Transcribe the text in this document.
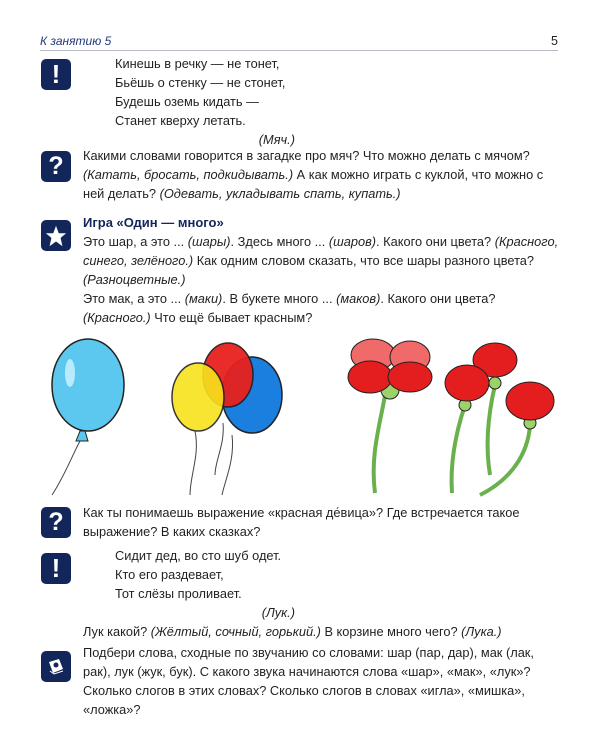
К занятию 5	5
!	Кинешь в речку — не тонет,
Бьёшь о стенку — не стонет,
Будешь оземь кидать —
Станет кверху летать.
(Мяч.)
?	Какими словами говорится в загадке про мяч? Что можно делать с мячом? (Катать, бросать, подкидывать.) А как можно играть с куклой, что можно с ней делать? (Одевать, укладывать спать, купать.)
Игра «Один — много»
Это шар, а это ... (шары). Здесь много ... (шаров). Какого они цвета? (Красного, синего, зелёного.) Как одним словом сказать, что все шары разного цвета? (Разноцветные.)
Это мак, а это ... (маки). В букете много ... (маков). Какого они цвета? (Красного.) Что ещё бывает красным?
?	Как ты понимаешь выражение «красная де́вица»? Где встречается такое выражение? В каких сказках?
!	Сидит дед, во сто шуб одет.
Кто его раздевает,
Тот слёзы проливает.
(Лук.)
Лук какой? (Жёлтый, сочный, горький.) В корзине много чего? (Лука.)
Подбери слова, сходные по звучанию со словами: шар (пар, дар), мак (лак, рак), лук (жук, бук). С какого звука начинаются слова «шар», «мак», «лук»? Сколько слогов в этих словах? Сколько слогов в словах «игла», «мишка», «ложка»?
